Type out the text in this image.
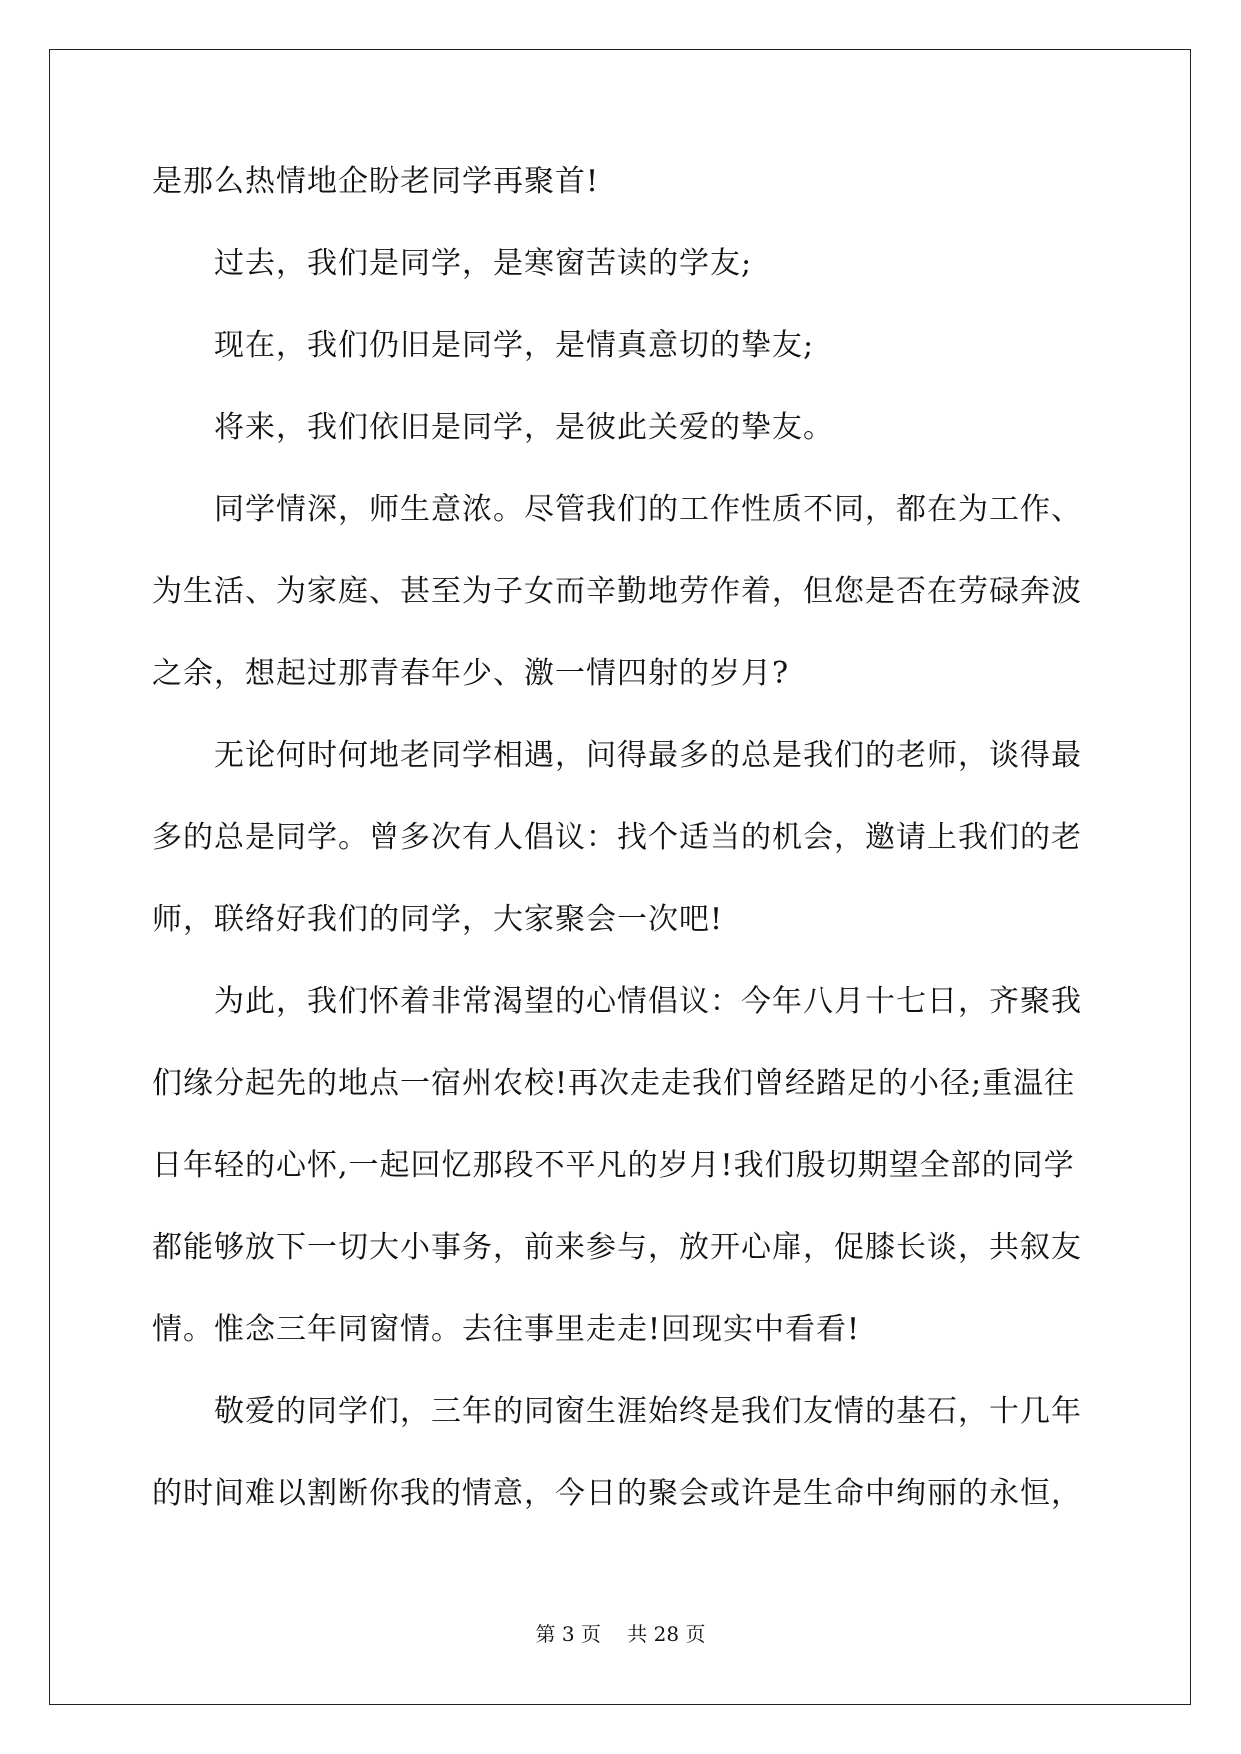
是那么热情地企盼老同学再聚首!
　　过去，我们是同学，是寒窗苦读的学友;
　　现在，我们仍旧是同学，是情真意切的挚友;
　　将来，我们依旧是同学，是彼此关爱的挚友。
　　同学情深，师生意浓。尽管我们的工作性质不同，都在为工作、
为生活、为家庭、甚至为子女而辛勤地劳作着，但您是否在劳碌奔波
之余，想起过那青春年少、激一情四射的岁月?
　　无论何时何地老同学相遇，问得最多的总是我们的老师，谈得最
多的总是同学。曾多次有人倡议：找个适当的机会，邀请上我们的老
师，联络好我们的同学，大家聚会一次吧!
　　为此，我们怀着非常渴望的心情倡议：今年八月十七日，齐聚我
们缘分起先的地点一宿州农校!再次走走我们曾经踏足的小径;重温往
日年轻的心怀,一起回忆那段不平凡的岁月!我们殷切期望全部的同学
都能够放下一切大小事务，前来参与，放开心扉，促膝长谈，共叙友
情。惟念三年同窗情。去往事里走走!回现实中看看!
　　敬爱的同学们，三年的同窗生涯始终是我们友情的基石，十几年
的时间难以割断你我的情意，今日的聚会或许是生命中绚丽的永恒，
第 3 页　 共 28 页
